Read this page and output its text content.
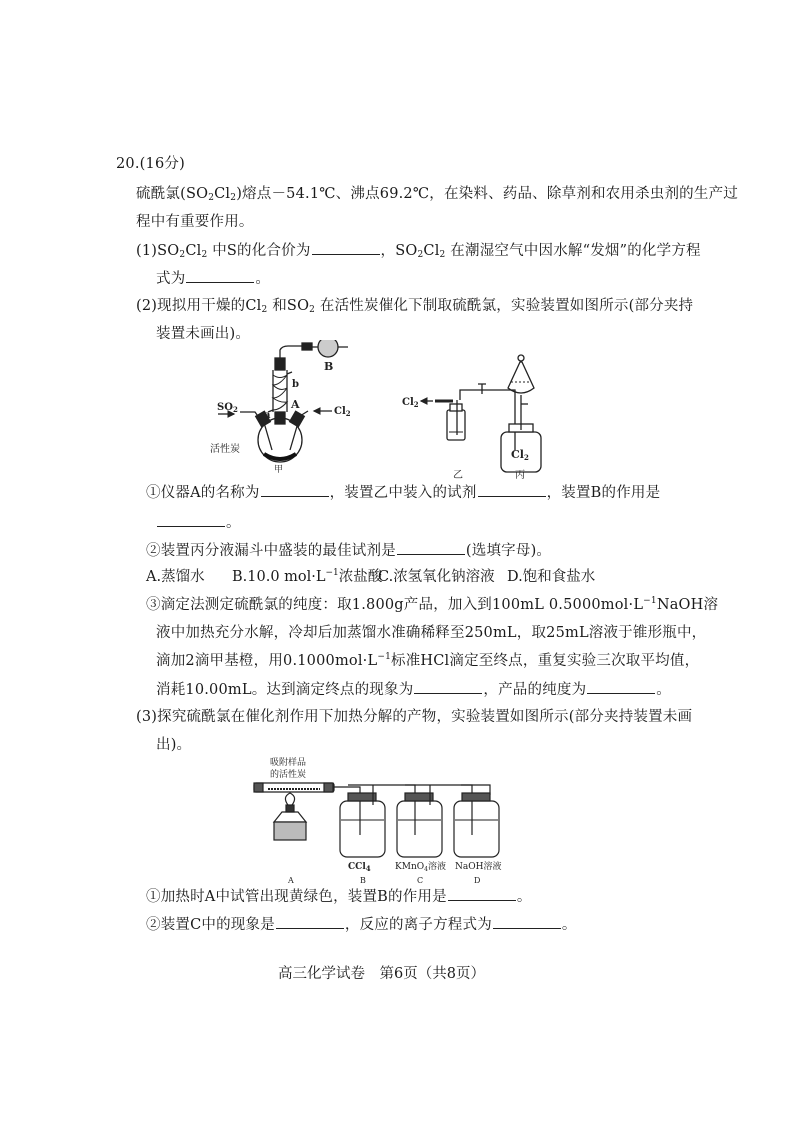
20.(16分)
硫酰氯$(SO_2Cl_2)$熔点－54.1℃、沸点69.2℃，在染料、药品、除草剂和农用杀虫剂的生产过
程中有重要作用。
$(1)SO_2Cl_2$ 中S的化合价为	，$SO_2Cl_2$ 在潮湿空气中因水解“发烟”的化学方程
式为	。
(2)现拟用干燥的$Cl_2$ 和$SO_2$ 在活性炭催化下制取硫酰氯，实验装置如图所示(部分夹持
装置未画出)。
B
b
A
a
$SO_2$	$Cl_2$
活性炭
甲
$Cl_2$
Cl2
乙	丙
①仪器A的名称为	，装置乙中装入的试剂	，装置B的作用是
。
②装置丙分液漏斗中盛装的最佳试剂是	(选填字母)。
A.蒸馏水 B.10.0 $mol\cdot L^{-1}$浓盐酸
C.浓氢氧化钠溶液 D.饱和食盐水
③滴定法测定硫酰氯的纯度：取1.800g产品，加入到100mL $0.5000mol\cdot L^{-1}NaOH$溶
液中加热充分水解，冷却后加蒸馏水准确稀释至250mL，取25mL溶液于锥形瓶中，
滴加2滴甲基橙，用$0.1000mol\cdot L^{-1}$标准HCl滴定至终点，重复实验三次取平均值，
消耗10.00mL。达到滴定终点的现象为	，产品的纯度为	。
(3)探究硫酰氯在催化剂作用下加热分解的产物，实验装置如图所示(部分夹持装置未画
出)。
吸附样品
的活性炭
CCl$_4$	KMnO$_4$溶液 NaOH溶液
A	B	C	D
①加热时A中试管出现黄绿色，装置B的作用是	。
②装置C中的现象是	，反应的离子方程式为	。
高三化学试卷　第6页（共8页）
